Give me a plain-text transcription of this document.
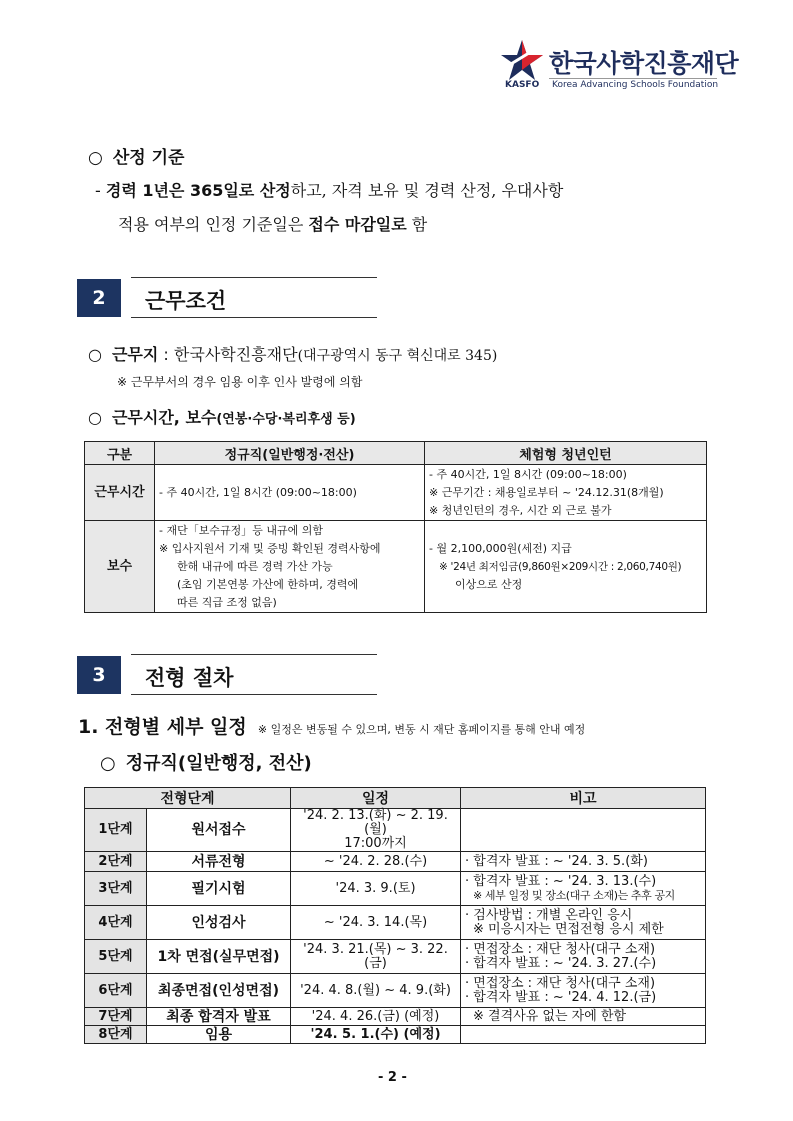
한국사학진흥재단
KASFO Korea Advancing Schools Foundation
○ 산정 기준
- 경력 1년은 365일로 산정하고, 자격 보유 및 경력 산정, 우대사항
적용 여부의 인정 기준일은 접수 마감일로 함
2	근무조건
○ 근무지 : 한국사학진흥재단(대구광역시 동구 혁신대로 345)
※ 근무부서의 경우 임용 이후 인사 발령에 의함
○ 근무시간, 보수(연봉·수당·복리후생 등)
구분	정규직(일반행정·전산)	체험형 청년인턴
근무시간	- 주 40시간, 1일 8시간 (09:00~18:00)	- 주 40시간, 1일 8시간 (09:00~18:00)
※ 근무기간 : 채용일로부터 ~ '24.12.31(8개월)
※ 청년인턴의 경우, 시간 외 근로 불가

보수	- 재단「보수규정」등 내규에 의함
※ 입사지원서 기재 및 증빙 확인된 경력사항에
한해 내규에 따른 경력 가산 가능
(초임 기본연봉 가산에 한하며, 경력에
따른 직급 조정 없음)	- 월 2,100,000원(세전) 지급
※ '24년 최저임금(9,860원×209시간 : 2,060,740원)
이상으로 산정
3	전형 절차
1. 전형별 세부 일정 ※ 일정은 변동될 수 있으며, 변동 시 재단 홈페이지를 통해 안내 예정
○ 정규직(일반행정, 전산)
전형단계		일정	비고
1단계	원서접수	'24. 2. 13.(화) ~ 2. 19.(월)
17:00까지	

2단계	서류전형	~ '24. 2. 28.(수)	· 합격자 발표 : ~ '24. 3. 5.(화)

3단계	필기시험	'24. 3. 9.(토)	· 합격자 발표 : ~ '24. 3. 13.(수)
※ 세부 일정 및 장소(대구 소재)는 추후 공지

4단계	인성검사	~ '24. 3. 14.(목)	· 검사방법 : 개별 온라인 응시
※ 미응시자는 면접전형 응시 제한

5단계	1차 면접(실무면접)	'24. 3. 21.(목) ~ 3. 22.(금)	· 면접장소 : 재단 청사(대구 소재)
· 합격자 발표 : ~ '24. 3. 27.(수)

6단계	최종면접(인성면접)	'24. 4. 8.(월) ~ 4. 9.(화)	· 면접장소 : 재단 청사(대구 소재)
· 합격자 발표 : ~ '24. 4. 12.(금)

7단계	최종 합격자 발표	'24. 4. 26.(금) (예정)	※ 결격사유 없는 자에 한함

8단계	임용	'24. 5. 1.(수) (예정)	
- 2 -
